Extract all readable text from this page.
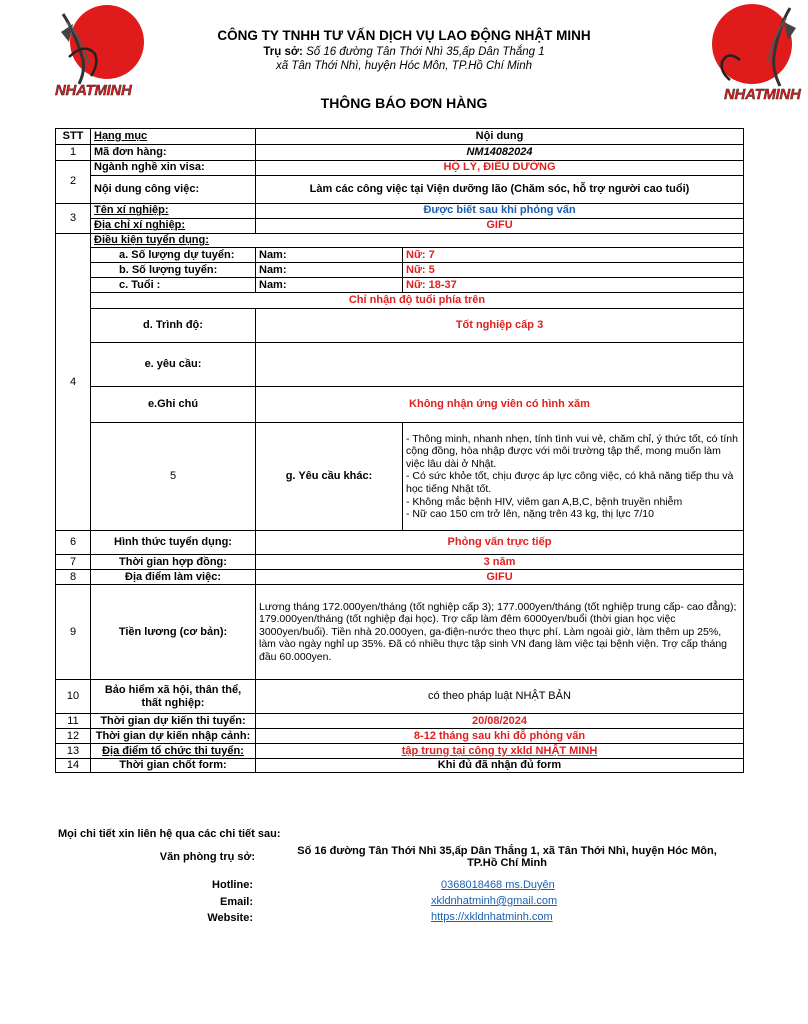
NHATMINH	NHATMINH
CÔNG TY TNHH TƯ VẤN DỊCH VỤ LAO ĐỘNG NHẬT MINH
Trụ sở: Số 16 đường Tân Thới Nhì 35,ấp Dân Thắng 1
xã Tân Thới Nhì, huyện Hóc Môn, TP.Hồ Chí Minh
THÔNG BÁO ĐƠN HÀNG
STT	Hạng mục	Nội dung	
1	Mã đơn hàng:	NM14082024	
2	Ngành nghề xin visa:	HỘ LÝ, ĐIỀU DƯỠNG	
	Nội dung công việc:	Làm các công việc tại Viện dưỡng lão (Chăm sóc, hỗ trợ người cao tuổi)	
3	Tên xí nghiệp:	Được biết sau khi phỏng vấn	
	Địa chỉ xí nghiệp:	GIFU	
4	Điều kiện tuyển dụng:		
	a. Số lượng dự tuyển:	Nam:	Nữ: 7
	b. Số lượng tuyển:	Nam:	Nữ: 5
	c. Tuổi :	Nam:	Nữ: 18-37
	Chỉ nhận độ tuổi phía trên		
	d. Trình độ:	Tốt nghiệp cấp 3	
	e. yêu cầu:		
	e.Ghi chú	Không nhận ứng viên có hình xăm	
	5	g. Yêu cầu khác:	- Thông minh, nhanh nhẹn, tính tình vui vẻ, chăm chỉ, ý thức tốt, có tính cộng đồng, hòa nhập được với môi trường tập thể, mong muốn làm việc lâu dài ở Nhật.
- Có sức khỏe tốt, chịu được áp lực công việc, có khả năng tiếp thu và học tiếng Nhật tốt.
- Không mắc bệnh HIV, viêm gan A,B,C, bệnh truyền nhiễm
- Nữ cao 150 cm trở lên, nặng trên 43 kg, thị lực 7/10

6	Hình thức tuyển dụng:	Phỏng vấn trực tiếp	
7	Thời gian hợp đồng:	3 năm	
8	Địa điểm làm việc:	GIFU	
9	Tiền lương (cơ bản):	Lương tháng 172.000yen/tháng (tốt nghiệp cấp 3); 177.000yen/tháng (tốt nghiệp trung cấp- cao đẳng); 179.000yen/tháng (tốt nghiệp đại học). Trợ cấp làm đêm 6000yen/buổi (thời gian học việc 3000yen/buổi). Tiền nhà 20.000yen, ga-điện-nước theo thực phí. Làm ngoài giờ, làm thêm up 25%, làm vào ngày nghỉ up 35%. Đã có nhiều thực tập sinh VN đang làm việc tại bệnh viện. Trợ cấp tháng đầu 60.000yen.	
10	Bảo hiểm xã hội, thân thể, thất nghiệp:	có theo pháp luật NHẬT BẢN	
11	Thời gian dự kiến thi tuyển:	20/08/2024	
12	Thời gian dự kiến nhập cảnh:	8-12 tháng sau khi đỗ phỏng vấn	
13	Địa điểm tổ chức thi tuyển:	tập trung tại công ty xkld NHẬT MINH	
14	Thời gian chốt form:	Khi đủ đã nhận đủ form	
Mọi chi tiết xin liên hệ qua các chi tiết sau:
Văn phòng trụ sở:	Số 16 đường Tân Thới Nhì 35,ấp Dân Thắng 1, xã Tân Thới Nhì, huyện Hóc Môn,
TP.Hồ Chí Minh
Hotline:	0368018468 ms.Duyên
Email:	xkldnhatminh@gmail.com
Website:	https://xkldnhatminh.com
